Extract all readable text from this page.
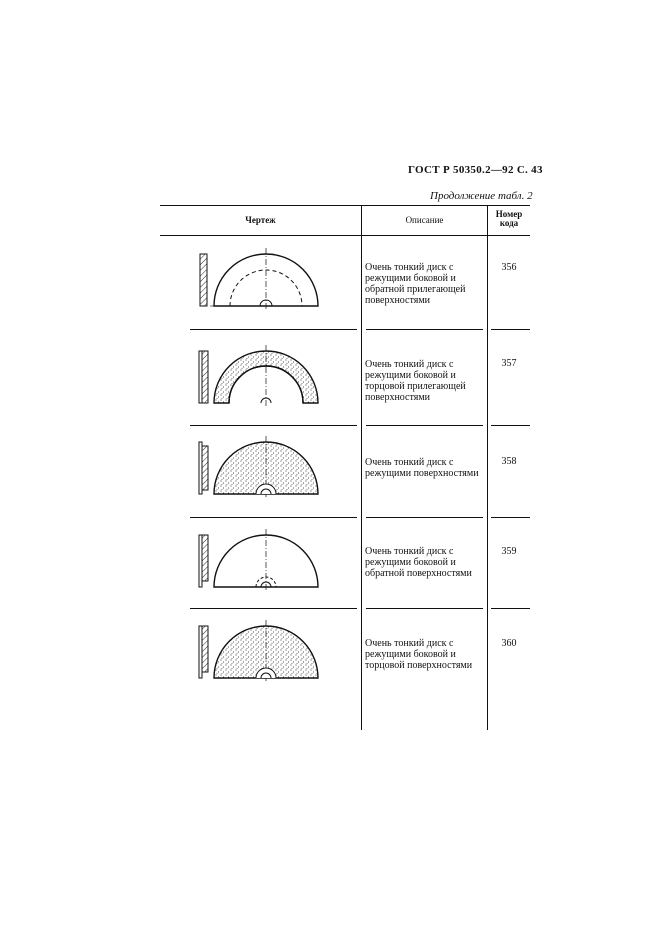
ГОСТ Р 50350.2—92 С. 43
Продолжение табл. 2
Чертеж	Описание
Номер
кода
Очень тонкий диск с
режущими боковой и
обратной прилегающей
поверхностями
356
Очень тонкий диск с
режущими боковой и
торцовой прилегающей
поверхностями
357
Очень тонкий диск с
режущими поверхностями
358
Очень тонкий диск с
режущими боковой и
обратной поверхностями
359
Очень тонкий диск с
режущими боковой и
торцовой поверхностями
360
